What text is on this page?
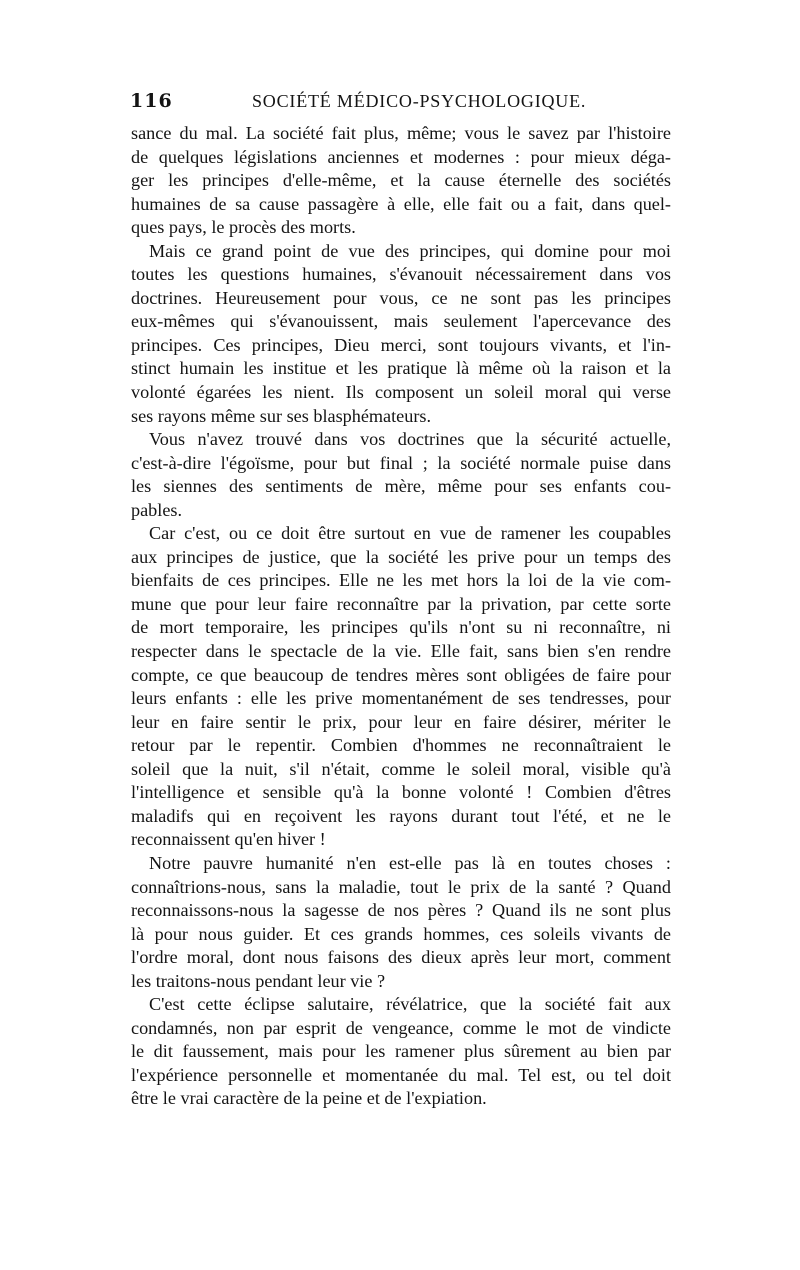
116	SOCIÉTÉ MÉDICO-PSYCHOLOGIQUE.

sance du mal. La société fait plus, même; vous le savez par l'histoire
de quelques législations anciennes et modernes : pour mieux déga-
ger les principes d'elle-même, et la cause éternelle des sociétés
humaines de sa cause passagère à elle, elle fait ou a fait, dans quel-
ques pays, le procès des morts.

Mais ce grand point de vue des principes, qui domine pour moi
toutes les questions humaines, s'évanouit nécessairement dans vos
doctrines. Heureusement pour vous, ce ne sont pas les principes
eux-mêmes qui s'évanouissent, mais seulement l'apercevance des
principes. Ces principes, Dieu merci, sont toujours vivants, et l'in-
stinct humain les institue et les pratique là même où la raison et la
volonté égarées les nient. Ils composent un soleil moral qui verse
ses rayons même sur ses blasphémateurs.

Vous n'avez trouvé dans vos doctrines que la sécurité actuelle,
c'est-à-dire l'égoïsme, pour but final ; la société normale puise dans
les siennes des sentiments de mère, même pour ses enfants cou-
pables.

Car c'est, ou ce doit être surtout en vue de ramener les coupables
aux principes de justice, que la société les prive pour un temps des
bienfaits de ces principes. Elle ne les met hors la loi de la vie com-
mune que pour leur faire reconnaître par la privation, par cette sorte
de mort temporaire, les principes qu'ils n'ont su ni reconnaître, ni
respecter dans le spectacle de la vie. Elle fait, sans bien s'en rendre
compte, ce que beaucoup de tendres mères sont obligées de faire pour
leurs enfants : elle les prive momentanément de ses tendresses, pour
leur en faire sentir le prix, pour leur en faire désirer, mériter le
retour par le repentir. Combien d'hommes ne reconnaîtraient le
soleil que la nuit, s'il n'était, comme le soleil moral, visible qu'à
l'intelligence et sensible qu'à la bonne volonté ! Combien d'êtres
maladifs qui en reçoivent les rayons durant tout l'été, et ne le
reconnaissent qu'en hiver !

Notre pauvre humanité n'en est-elle pas là en toutes choses :
connaîtrions-nous, sans la maladie, tout le prix de la santé ? Quand
reconnaissons-nous la sagesse de nos pères ? Quand ils ne sont plus
là pour nous guider. Et ces grands hommes, ces soleils vivants de
l'ordre moral, dont nous faisons des dieux après leur mort, comment
les traitons-nous pendant leur vie ?

C'est cette éclipse salutaire, révélatrice, que la société fait aux
condamnés, non par esprit de vengeance, comme le mot de vindicte
le dit faussement, mais pour les ramener plus sûrement au bien par
l'expérience personnelle et momentanée du mal. Tel est, ou tel doit
être le vrai caractère de la peine et de l'expiation.
